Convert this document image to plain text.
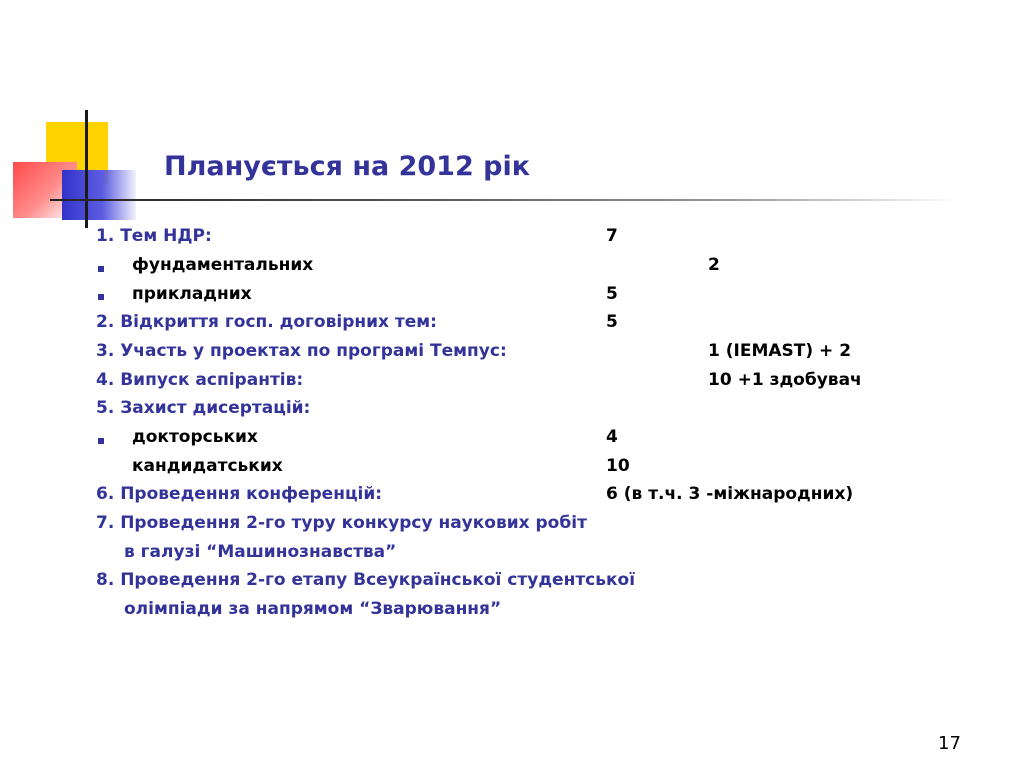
Планується на 2012 рік
1. Тем НДР:	7
фундаментальних	2
прикладних	5
2. Відкриття госп. договірних тем:	5
3. Участь у проектах по програмі Темпус:	1 (IEMAST) + 2
4. Випуск аспірантів:	10 +1 здобувач
5. Захист дисертацій:
докторських	4
кандидатських	10
6. Проведення конференцій:	6 (в т.ч. 3 -міжнародних)
7. Проведення 2-го туру конкурсу наукових робіт
в галузі “Машинознавства”
8. Проведення 2-го етапу Всеукраїнської студентської
олімпіади за напрямом “Зварювання”
17
